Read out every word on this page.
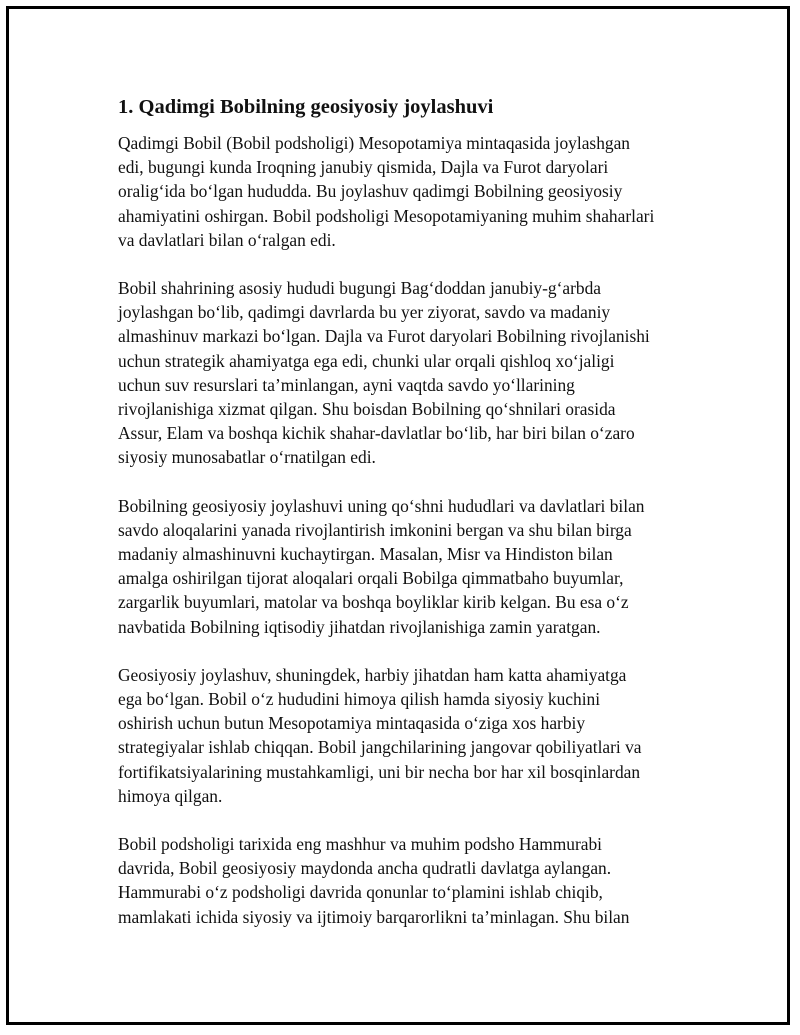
1. Qadimgi Bobilning geosiyosiy joylashuvi

Qadimgi Bobil (Bobil podsholigi) Mesopotamiya mintaqasida joylashgan
edi, bugungi kunda Iroqning janubiy qismida, Dajla va Furot daryolari
oralig‘ida bo‘lgan hududda. Bu joylashuv qadimgi Bobilning geosiyosiy
ahamiyatini oshirgan. Bobil podsholigi Mesopotamiyaning muhim shaharlari
va davlatlari bilan o‘ralgan edi.

Bobil shahrining asosiy hududi bugungi Bag‘doddan janubiy-g‘arbda
joylashgan bo‘lib, qadimgi davrlarda bu yer ziyorat, savdo va madaniy
almashinuv markazi bo‘lgan. Dajla va Furot daryolari Bobilning rivojlanishi
uchun strategik ahamiyatga ega edi, chunki ular orqali qishloq xo‘jaligi
uchun suv resurslari ta’minlangan, ayni vaqtda savdo yo‘llarining
rivojlanishiga xizmat qilgan. Shu boisdan Bobilning qo‘shnilari orasida
Assur, Elam va boshqa kichik shahar-davlatlar bo‘lib, har biri bilan o‘zaro
siyosiy munosabatlar o‘rnatilgan edi.

Bobilning geosiyosiy joylashuvi uning qo‘shni hududlari va davlatlari bilan
savdo aloqalarini yanada rivojlantirish imkonini bergan va shu bilan birga
madaniy almashinuvni kuchaytirgan. Masalan, Misr va Hindiston bilan
amalga oshirilgan tijorat aloqalari orqali Bobilga qimmatbaho buyumlar,
zargarlik buyumlari, matolar va boshqa boyliklar kirib kelgan. Bu esa o‘z
navbatida Bobilning iqtisodiy jihatdan rivojlanishiga zamin yaratgan.

Geosiyosiy joylashuv, shuningdek, harbiy jihatdan ham katta ahamiyatga
ega bo‘lgan. Bobil o‘z hududini himoya qilish hamda siyosiy kuchini
oshirish uchun butun Mesopotamiya mintaqasida o‘ziga xos harbiy
strategiyalar ishlab chiqqan. Bobil jangchilarining jangovar qobiliyatlari va
fortifikatsiyalarining mustahkamligi, uni bir necha bor har xil bosqinlardan
himoya qilgan.

Bobil podsholigi tarixida eng mashhur va muhim podsho Hammurabi
davrida, Bobil geosiyosiy maydonda ancha qudratli davlatga aylangan.
Hammurabi o‘z podsholigi davrida qonunlar to‘plamini ishlab chiqib,
mamlakati ichida siyosiy va ijtimoiy barqarorlikni ta’minlagan. Shu bilan
